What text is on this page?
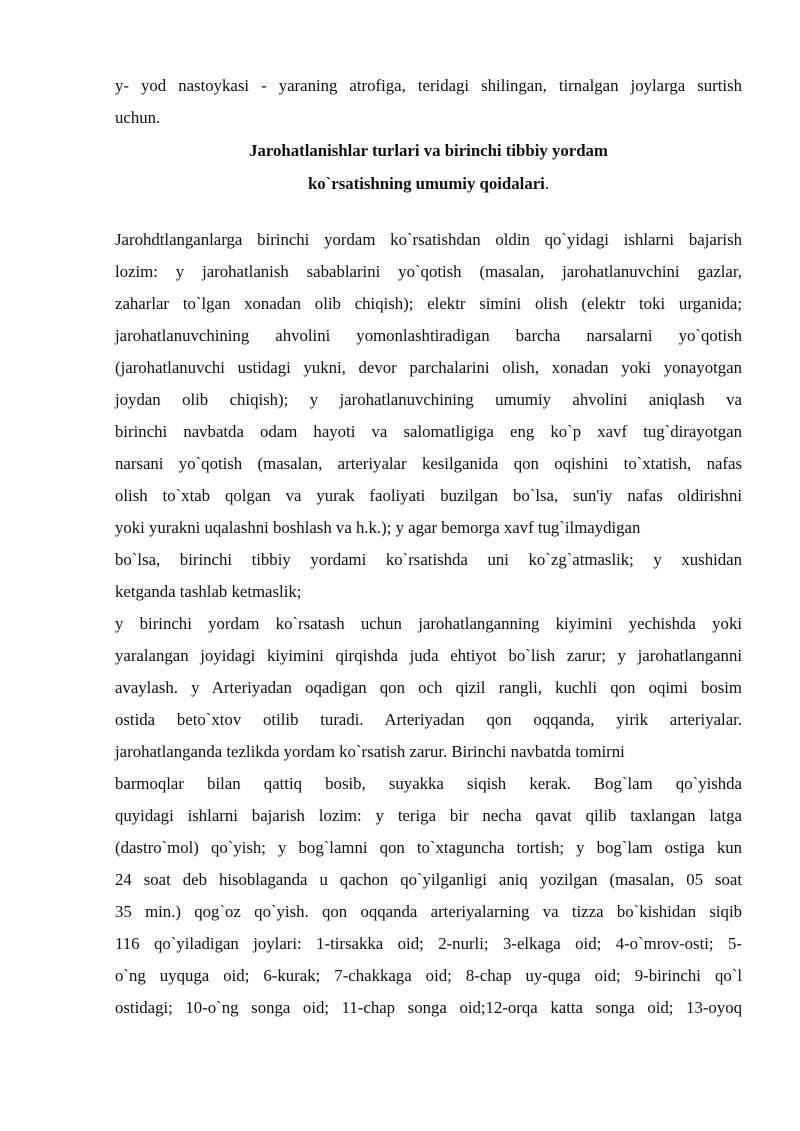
y- yod nastoykasi - yaraning atrofiga, teridagi shilingan, tirnalgan joylarga surtish
uchun.
Jarohatlanishlar turlari va birinchi tibbiy yordam
ko`rsatishning umumiy qoidalari.
Jarohdtlanganlarga birinchi yordam ko`rsatishdan oldin qo`yidagi ishlarni bajarish
lozim: y jarohatlanish sabablarini yo`qotish (masalan, jarohatlanuvchini gazlar,
zaharlar to`lgan xonadan olib chiqish); elektr simini olish (elektr toki urganida;
jarohatlanuvchining ahvolini yomonlashtiradigan barcha narsalarni yo`qotish
(jarohatlanuvchi ustidagi yukni, devor parchalarini olish, xonadan yoki yonayotgan
joydan olib chiqish); y jarohatlanuvchining umumiy ahvolini aniqlash va
birinchi navbatda odam hayoti va salomatligiga eng ko`p xavf tug`dirayotgan
narsani yo`qotish (masalan, arteriyalar kesilganida qon oqishini to`xtatish, nafas
olish to`xtab qolgan va yurak faoliyati buzilgan bo`lsa, sun'iy nafas oldirishni
yoki yurakni uqalashni boshlash va h.k.); y agar bemorga xavf tug`ilmaydigan
bo`lsa, birinchi tibbiy yordami ko`rsatishda uni ko`zg`atmaslik; y xushidan
ketganda tashlab ketmaslik;
y birinchi yordam ko`rsatash uchun jarohatlanganning kiyimini yechishda yoki
yaralangan joyidagi kiyimini qirqishda juda ehtiyot bo`lish zarur; y jarohatlanganni
avaylash. y Arteriyadan oqadigan qon och qizil rangli, kuchli qon oqimi bosim
ostida beto`xtov otilib turadi. Arteriyadan qon oqqanda, yirik arteriyalar.
jarohatlanganda tezlikda yordam ko`rsatish zarur. Birinchi navbatda tomirni
barmoqlar bilan qattiq bosib, suyakka siqish kerak. Bog`lam qo`yishda
quyidagi ishlarni bajarish lozim: y teriga bir necha qavat qilib taxlangan latga
(dastro`mol) qo`yish; y bog`lamni qon to`xtaguncha tortish; y bog`lam ostiga kun
24 soat deb hisoblaganda u qachon qo`yilganligi aniq yozilgan (masalan, 05 soat
35 min.) qog`oz qo`yish. qon oqqanda arteriyalarning va tizza bo`kishidan siqib
116 qo`yiladigan joylari: 1-tirsakka oid; 2-nurli; 3-elkaga oid; 4-o`mrov-osti; 5-
o`ng uyquga oid; 6-kurak; 7-chakkaga oid; 8-chap uy-quga oid; 9-birinchi qo`l
ostidagi; 10-o`ng songa oid; 11-chap songa oid;12-orqa katta songa oid; 13-oyoq
